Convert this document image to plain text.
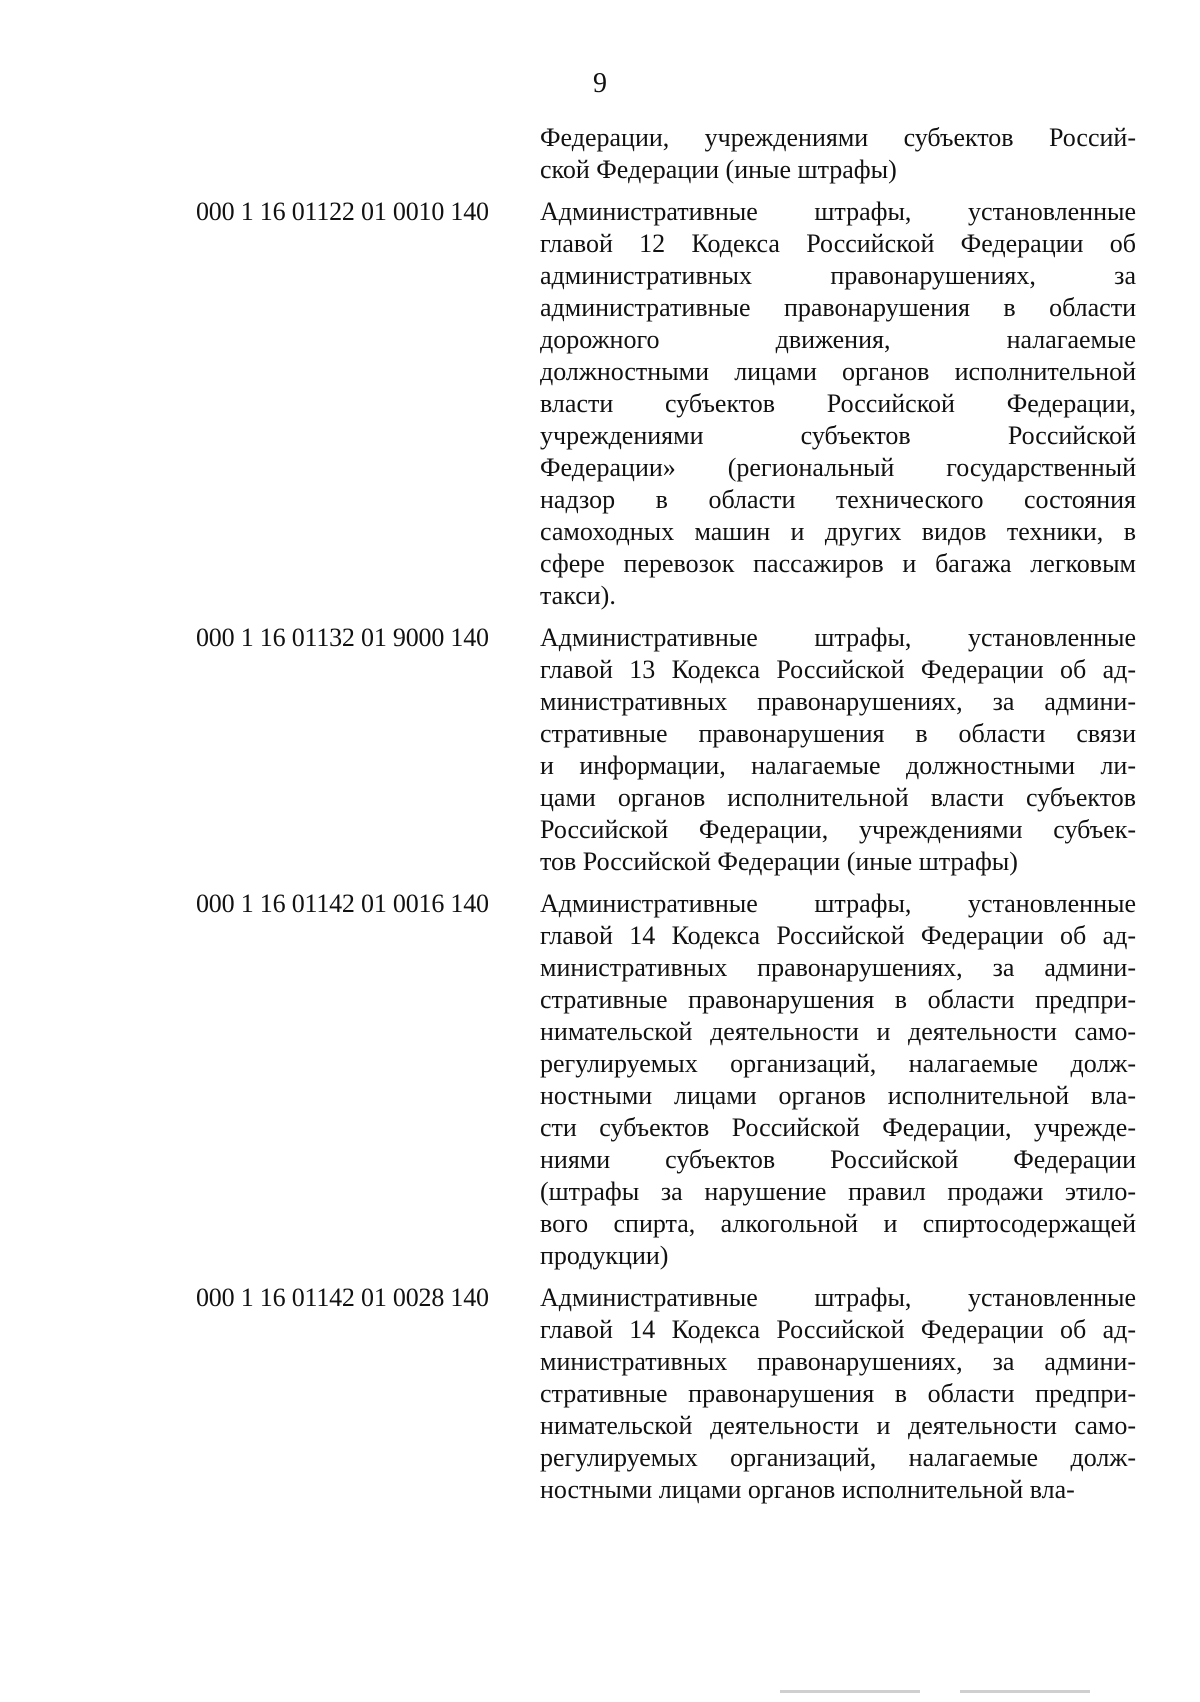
9
Федерации, учреждениями субъектов Россий-
ской Федерации (иные штрафы)
000 1 16 01122 01 0010 140	Административные штрафы, установленные
главой 12 Кодекса Российской Федерации об
административных правонарушениях, за
административные правонарушения в области
дорожного движения, налагаемые
должностными лицами органов исполнительной
власти субъектов Российской Федерации,
учреждениями субъектов Российской
Федерации» (региональный государственный
надзор в области технического состояния
самоходных машин и других видов техники, в
сфере перевозок пассажиров и багажа легковым
такси).
000 1 16 01132 01 9000 140	Административные штрафы, установленные
главой 13 Кодекса Российской Федерации об ад-
министративных правонарушениях, за админи-
стративные правонарушения в области связи
и информации, налагаемые должностными ли-
цами органов исполнительной власти субъектов
Российской Федерации, учреждениями субъек-
тов Российской Федерации (иные штрафы)
000 1 16 01142 01 0016 140	Административные штрафы, установленные
главой 14 Кодекса Российской Федерации об ад-
министративных правонарушениях, за админи-
стративные правонарушения в области предпри-
нимательской деятельности и деятельности само-
регулируемых организаций, налагаемые долж-
ностными лицами органов исполнительной вла-
сти субъектов Российской Федерации, учрежде-
ниями субъектов Российской Федерации
(штрафы за нарушение правил продажи этило-
вого спирта, алкогольной и спиртосодержащей
продукции)
000 1 16 01142 01 0028 140	Административные штрафы, установленные
главой 14 Кодекса Российской Федерации об ад-
министративных правонарушениях, за админи-
стративные правонарушения в области предпри-
нимательской деятельности и деятельности само-
регулируемых организаций, налагаемые долж-
ностными лицами органов исполнительной вла-
